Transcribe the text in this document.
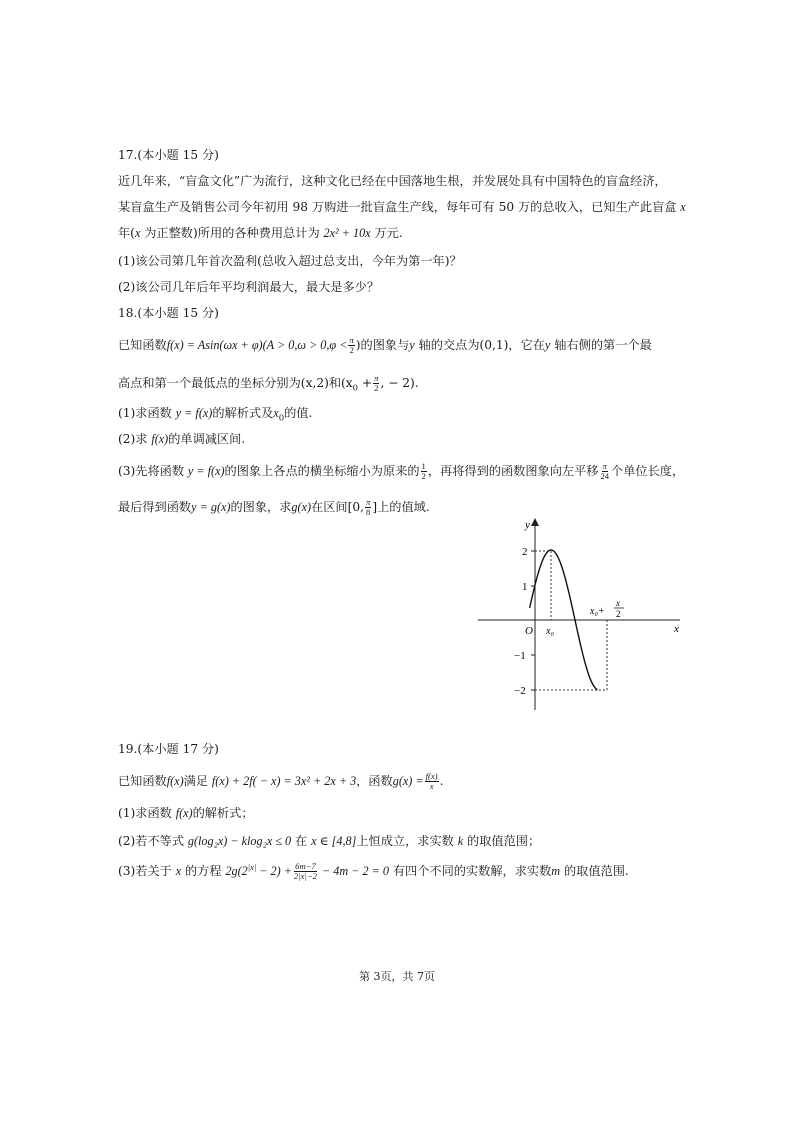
17.(本小题 15 分)
近几年来，“盲盒文化”广为流行，这种文化已经在中国落地生根，并发展处具有中国特色的盲盒经济，
某盲盒生产及销售公司今年初用 98 万购进一批盲盒生产线，每年可有 50 万的总收入，已知生产此盲盒 x
年(x 为正整数)所用的各种费用总计为 2x² + 10x 万元.
(1)该公司第几年首次盈利(总收入超过总支出，今年为第一年)？
(2)该公司几年后年平均利润最大，最大是多少？
18.(本小题 15 分)
已知函数$f(x) = Asin(\omega x + \varphi)(A > 0,\omega > 0,\varphi < \frac{\pi}{2}$ )的图象与y 轴的交点为(0,1)，它在y 轴右侧的第一个最
高点和第一个最低点的坐标分别为(x,2)和($x_0 + \frac{\pi}{2}$ , − 2).
(1)求函数 y = f(x)的解析式及$x_0$的值.
(2)求 f(x)的单调减区间.
(3)先将函数 y = f(x)的图象上各点的横坐标缩小为原来的 $\frac{1}{2}$ ，再将得到的函数图象向左平移 $\frac{\pi}{24}$ 个单位长度，
最后得到函数y = g(x)的图象，求g(x)在区间[0, $\frac{\pi}{8}$ ]上的值域.
y
x
O
2
1
−1
−2
x₀
x₀+
x
2
19.(本小题 17 分)
已知函数f(x)满足 f(x) + 2f( − x) = 3x² + 2x + 3，函数$g(x) = \frac{f(x)}{x}$ .
(1)求函数 f(x)的解析式；
(2)若不等式 g(log₂x) − klog₂x ≤ 0 在 x ∈ [4,8]上恒成立，求实数 k 的取值范围；
(3)若关于 x 的方程 $2g(2^{|x|} - 2) + \frac{6m-7}{2|x|-2} - 4m - 2 = 0$ 有四个不同的实数解，求实数m 的取值范围.
第 3页，共 7页
